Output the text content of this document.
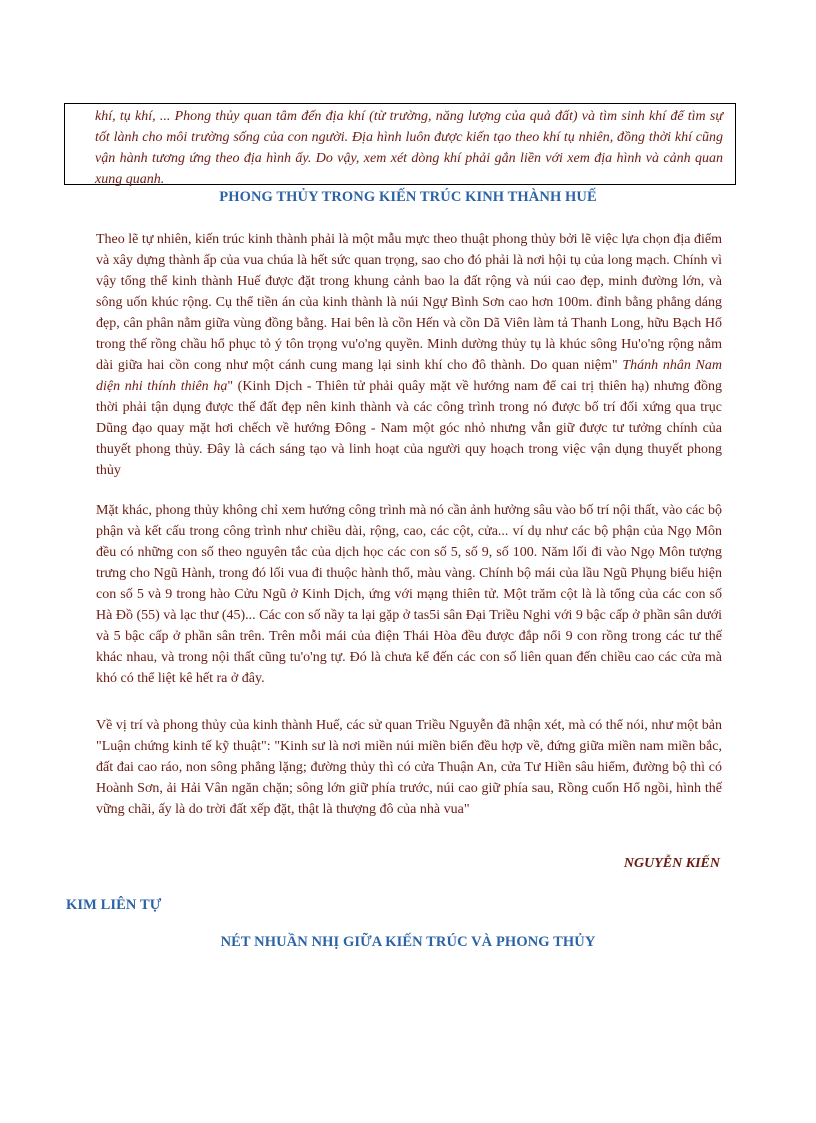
khí, tụ khí, ... Phong thủy quan tâm đến địa khí (từ trường, năng lượng của quả đất) và tìm sinh khí để tìm sự tốt lành cho môi trường sống của con người. Địa hình luôn được kiến tạo theo khí tụ nhiên, đồng thời khí cũng vận hành tương ứng theo địa hình ấy. Do vậy, xem xét dòng khí phải gắn liền với xem địa hình và cảnh quan xung quanh.
PHONG THỦY TRONG KIẾN TRÚC KINH THÀNH HUẾ
Theo lẽ tự nhiên, kiến trúc kinh thành phải là một mẫu mực theo thuật phong thủy bởi lẽ việc lựa chọn địa điểm và xây dựng thành ấp của vua chúa là hết sức quan trọng, sao cho đó phải là nơi hội tụ của long mạch. Chính vì vậy tổng thể kinh thành Huế được đặt trong khung cảnh bao la đất rộng và núi cao đẹp, minh đường lớn, và sông uốn khúc rộng. Cụ thể tiền án của kinh thành là núi Ngự Bình Sơn cao hơn 100m. đỉnh bằng phẳng dáng đẹp, cân phân nằm giữa vùng đồng bằng. Hai bên là cồn Hến và cồn Dã Viên làm tả Thanh Long, hữu Bạch Hổ trong thế rồng chầu hổ phục tỏ ý tôn trọng vu'o'ng quyền. Minh dường thủy tụ là khúc sông Hu'o'ng rộng nằm dài giữa hai cồn cong như một cánh cung mang lại sinh khí cho đô thành. Do quan niệm" Thánh nhân Nam diện nhi thính thiên hạ" (Kinh Dịch - Thiên tử phải quây mặt về hướng nam để cai trị thiên hạ) nhưng đồng thời phải tận dụng được thế đất đẹp nên kinh thành và các công trình trong nó được bố trí đối xứng qua trục Dũng đạo quay mặt hơi chếch về hướng Đông - Nam một góc nhỏ nhưng vẫn giữ được tư tưởng chính của thuyết phong thủy. Đây là cách sáng tạo và linh hoạt của người quy hoạch trong việc vận dụng thuyết phong thủy
Mặt khác, phong thủy không chỉ xem hướng công trình mà nó cần ảnh hưởng sâu vào bố trí nội thất, vào các bộ phận và kết cấu trong công trình như chiều dài, rộng, cao, các cột, cửa... ví dụ như các bộ phận của Ngọ Môn đều có những con số theo nguyên tắc của dịch học các con số 5, số 9, số 100. Năm lối đi vào Ngọ Môn tượng trưng cho Ngũ Hành, trong đó lối vua đi thuộc hành thổ, màu vàng. Chính bộ mái của lầu Ngũ Phụng biểu hiện con số 5 và 9 trong hào Cửu Ngũ ở Kinh Dịch, ứng với mạng thiên tử. Một trăm cột là là tổng của các con số Hà Đồ (55) và lạc thư (45)... Các con số nầy ta lại gặp ở tas5i sân Đại Triều Nghi với 9 bậc cấp ở phần sân dưới và 5 bậc cấp ở phần sân trên. Trên mỗi mái của điện Thái Hòa đều được đắp nổi 9 con rồng trong các tư thế khác nhau, và trong nội thất cũng tu'o'ng tự. Đó là chưa kể đến các con số liên quan đến chiều cao các cửa mà khó có thể liệt kê hết ra ở đây.
Về vị trí và phong thủy của kinh thành Huế, các sử quan Triều Nguyễn đã nhận xét, mà có thể nói, như một bản "Luận chứng kinh tế kỹ thuật": "Kinh sư là nơi miền núi miền biển đều hợp về, đứng giữa miền nam miền bắc, đất đai cao ráo, non sông phẳng lặng; đường thủy thì có cửa Thuận An, cửa Tư Hiền sâu hiểm, đường bộ thì có Hoành Sơn, ải Hải Vân ngăn chặn; sông lớn giữ phía trước, núi cao giữ phía sau, Rồng cuốn Hổ ngồi, hình thế vững chãi, ấy là do trời đất xếp đặt, thật là thượng đô của nhà vua"
NGUYỄN KIẾN
KIM LIÊN TỰ
NÉT NHUẦN NHỊ GIỮA KIẾN TRÚC VÀ PHONG THỦY
